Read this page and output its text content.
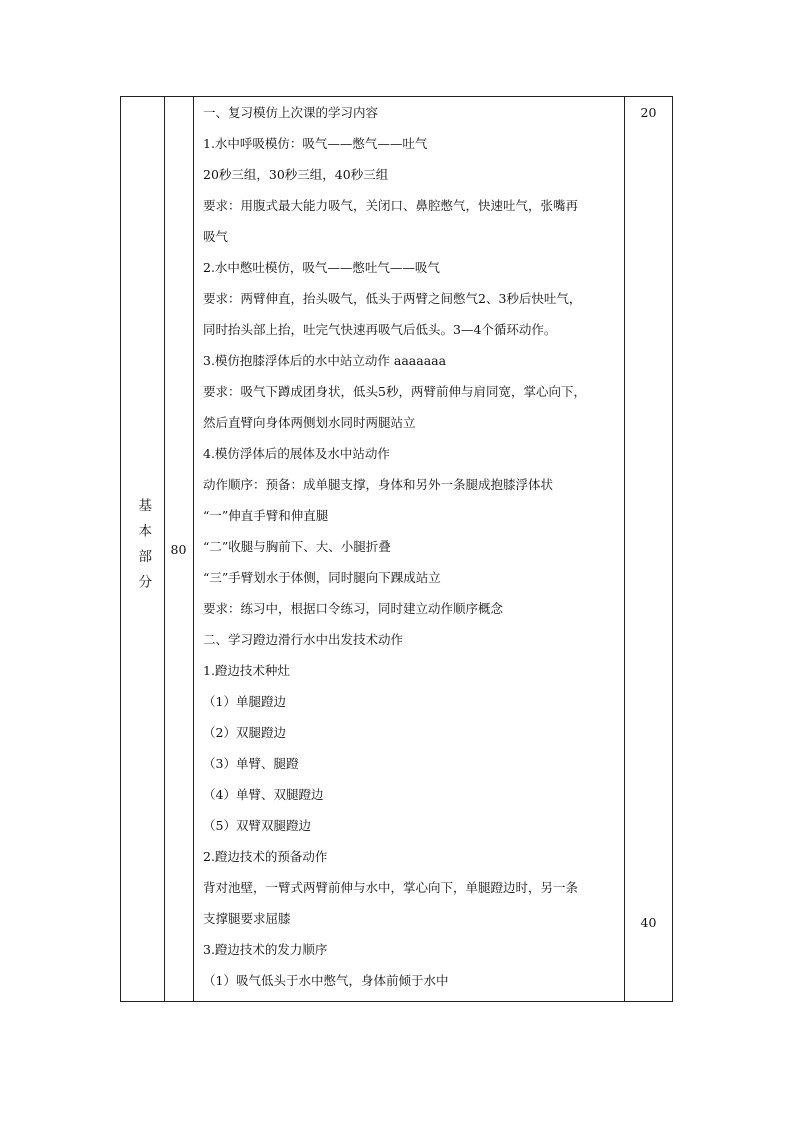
基本部分 80
一、复习模仿上次课的学习内容
1.水中呼吸模仿：吸气——憋气——吐气
20秒三组，30秒三组，40秒三组
要求：用腹式最大能力吸气，关闭口、鼻腔憋气，快速吐气，张嘴再
吸气
2.水中憋吐模仿，吸气——憋吐气——吸气
要求：两臂伸直，抬头吸气，低头于两臂之间憋气2、3秒后快吐气，
同时抬头部上抬，吐完气快速再吸气后低头。3—4个循环动作。
3.模仿抱膝浮体后的水中站立动作 aaaaaaa
要求：吸气下蹲成团身状，低头5秒，两臂前伸与肩同宽，掌心向下，
然后直臂向身体两侧划水同时两腿站立
4.模仿浮体后的展体及水中站动作
动作顺序：预备：成单腿支撑，身体和另外一条腿成抱膝浮体状
“一”伸直手臂和伸直腿
“二”收腿与胸前下、大、小腿折叠
“三”手臂划水于体侧，同时腿向下踝成站立
要求：练习中，根据口令练习，同时建立动作顺序概念
二、学习蹬边滑行水中出发技术动作
1.蹬边技术种灶
（1）单腿蹬边
（2）双腿蹬边
（3）单臂、腿蹬
（4）单臂、双腿蹬边
（5）双臂双腿蹬边
2.蹬边技术的预备动作
背对池壁，一臂式两臂前伸与水中，掌心向下，单腿蹬边时，另一条
支撑腿要求屈膝
3.蹬边技术的发力顺序
（1）吸气低头于水中憋气，身体前倾于水中
20
40
